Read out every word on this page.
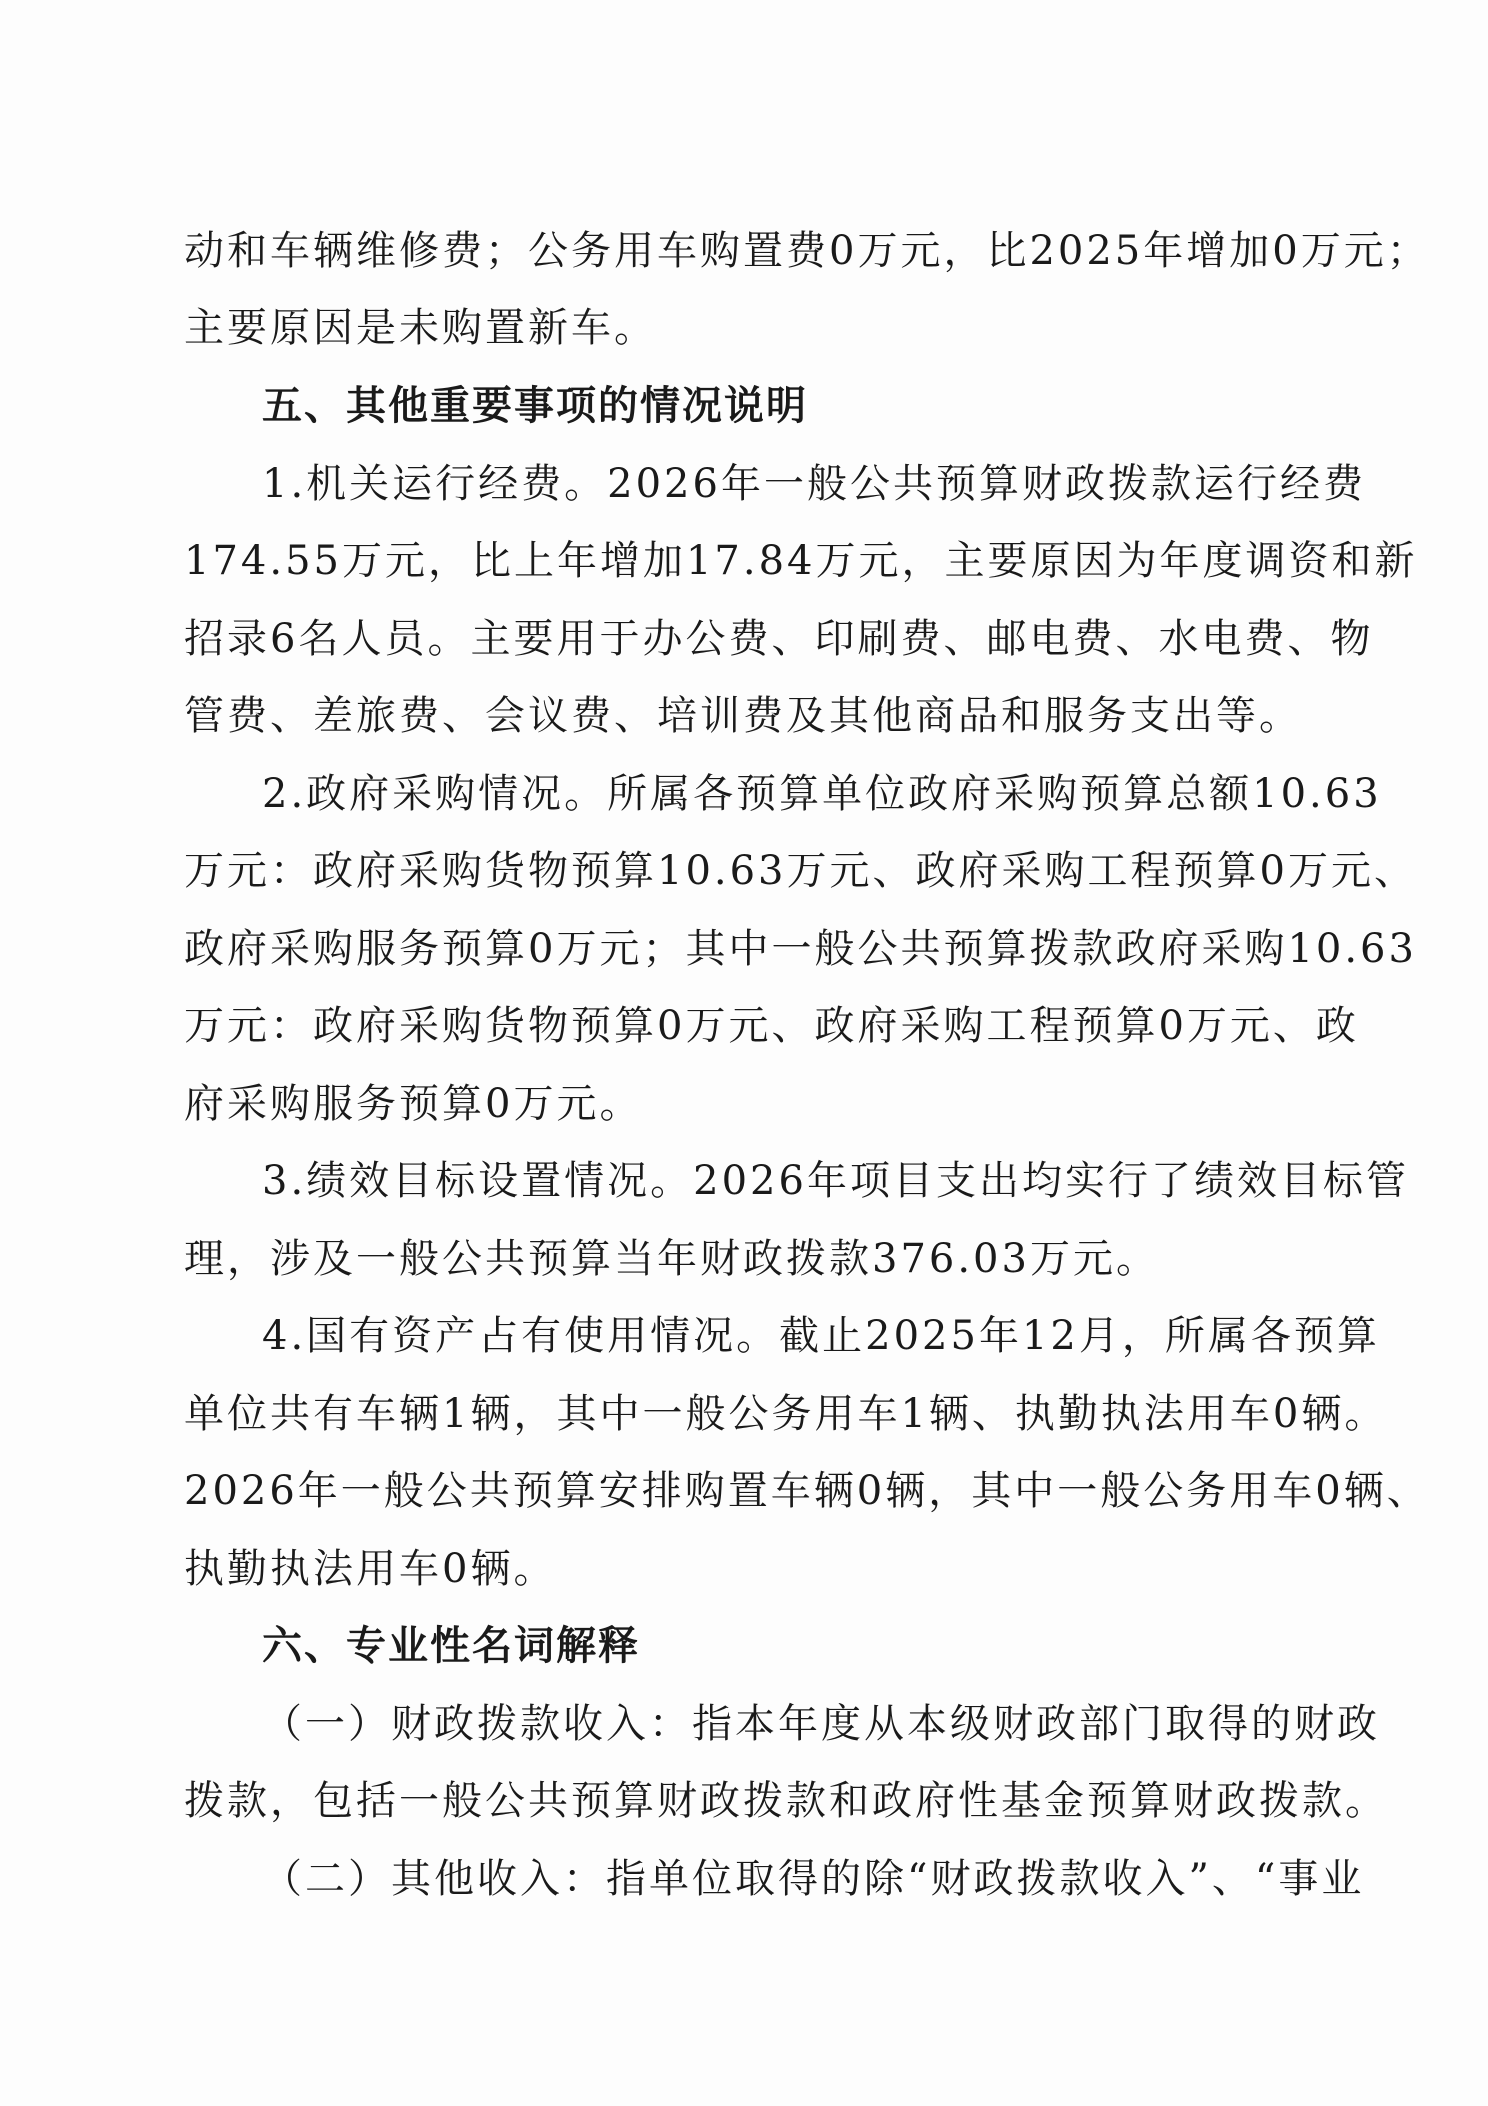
动和车辆维修费；公务用车购置费0万元，比2025年增加0万元；
主要原因是未购置新车。
五、其他重要事项的情况说明
1.机关运行经费。2026年一般公共预算财政拨款运行经费
174.55万元，比上年增加17.84万元，主要原因为年度调资和新
招录6名人员。主要用于办公费、印刷费、邮电费、水电费、物
管费、差旅费、会议费、培训费及其他商品和服务支出等。
2.政府采购情况。所属各预算单位政府采购预算总额10.63
万元：政府采购货物预算10.63万元、政府采购工程预算0万元、
政府采购服务预算0万元；其中一般公共预算拨款政府采购10.63
万元：政府采购货物预算0万元、政府采购工程预算0万元、政
府采购服务预算0万元。
3.绩效目标设置情况。2026年项目支出均实行了绩效目标管
理，涉及一般公共预算当年财政拨款376.03万元。
4.国有资产占有使用情况。截止2025年12月，所属各预算
单位共有车辆1辆，其中一般公务用车1辆、执勤执法用车0辆。
2026年一般公共预算安排购置车辆0辆，其中一般公务用车0辆、
执勤执法用车0辆。
六、专业性名词解释
（一）财政拨款收入：指本年度从本级财政部门取得的财政
拨款，包括一般公共预算财政拨款和政府性基金预算财政拨款。
（二）其他收入：指单位取得的除“财政拨款收入”、“事业
